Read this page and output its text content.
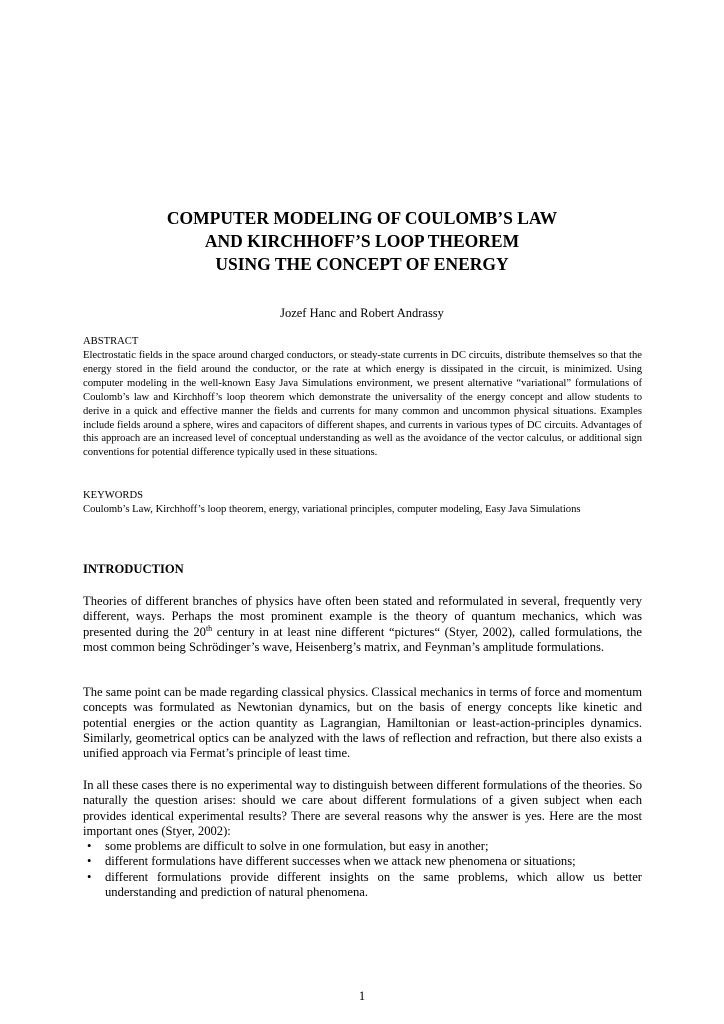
COMPUTER MODELING OF COULOMB’S LAW
AND KIRCHHOFF’S LOOP THEOREM
USING THE CONCEPT OF ENERGY
Jozef Hanc and Robert Andrassy
ABSTRACT
Electrostatic fields in the space around charged conductors, or steady-state currents in DC circuits, distribute themselves so that the energy stored in the field around the conductor, or the rate at which energy is dissipated in the circuit, is minimized. Using computer modeling in the well-known Easy Java Simulations environment, we present alternative “variational” formulations of Coulomb’s law and Kirchhoff’s loop theorem which demonstrate the universality of the energy concept and allow students to derive in a quick and effective manner the fields and currents for many common and uncommon physical situations. Examples include fields around a sphere, wires and capacitors of different shapes, and currents in various types of DC circuits. Advantages of this approach are an increased level of conceptual understanding as well as the avoidance of the vector calculus, or additional sign conventions for potential difference typically used in these situations.
KEYWORDS
Coulomb’s Law, Kirchhoff’s loop theorem, energy, variational principles, computer modeling, Easy Java Simulations
INTRODUCTION
Theories of different branches of physics have often been stated and reformulated in several, frequently very different, ways. Perhaps the most prominent example is the theory of quantum mechanics, which was presented during the 20th century in at least nine different “pictures“ (Styer, 2002), called formulations, the most common being Schrödinger’s wave, Heisenberg’s matrix, and Feynman’s amplitude formulations.
The same point can be made regarding classical physics. Classical mechanics in terms of force and momentum concepts was formulated as Newtonian dynamics, but on the basis of energy concepts like kinetic and potential energies or the action quantity as Lagrangian, Hamiltonian or least-action-principles dynamics. Similarly, geometrical optics can be analyzed with the laws of reflection and refraction, but there also exists a unified approach via Fermat’s principle of least time.
In all these cases there is no experimental way to distinguish between different formulations of the theories. So naturally the question arises: should we care about different formulations of a given subject when each provides identical experimental results? There are several reasons why the answer is yes. Here are the most important ones (Styer, 2002):
• some problems are difficult to solve in one formulation, but easy in another;
• different formulations have different successes when we attack new phenomena or situations;
• different formulations provide different insights on the same problems, which allow us better understanding and prediction of natural phenomena.
1
